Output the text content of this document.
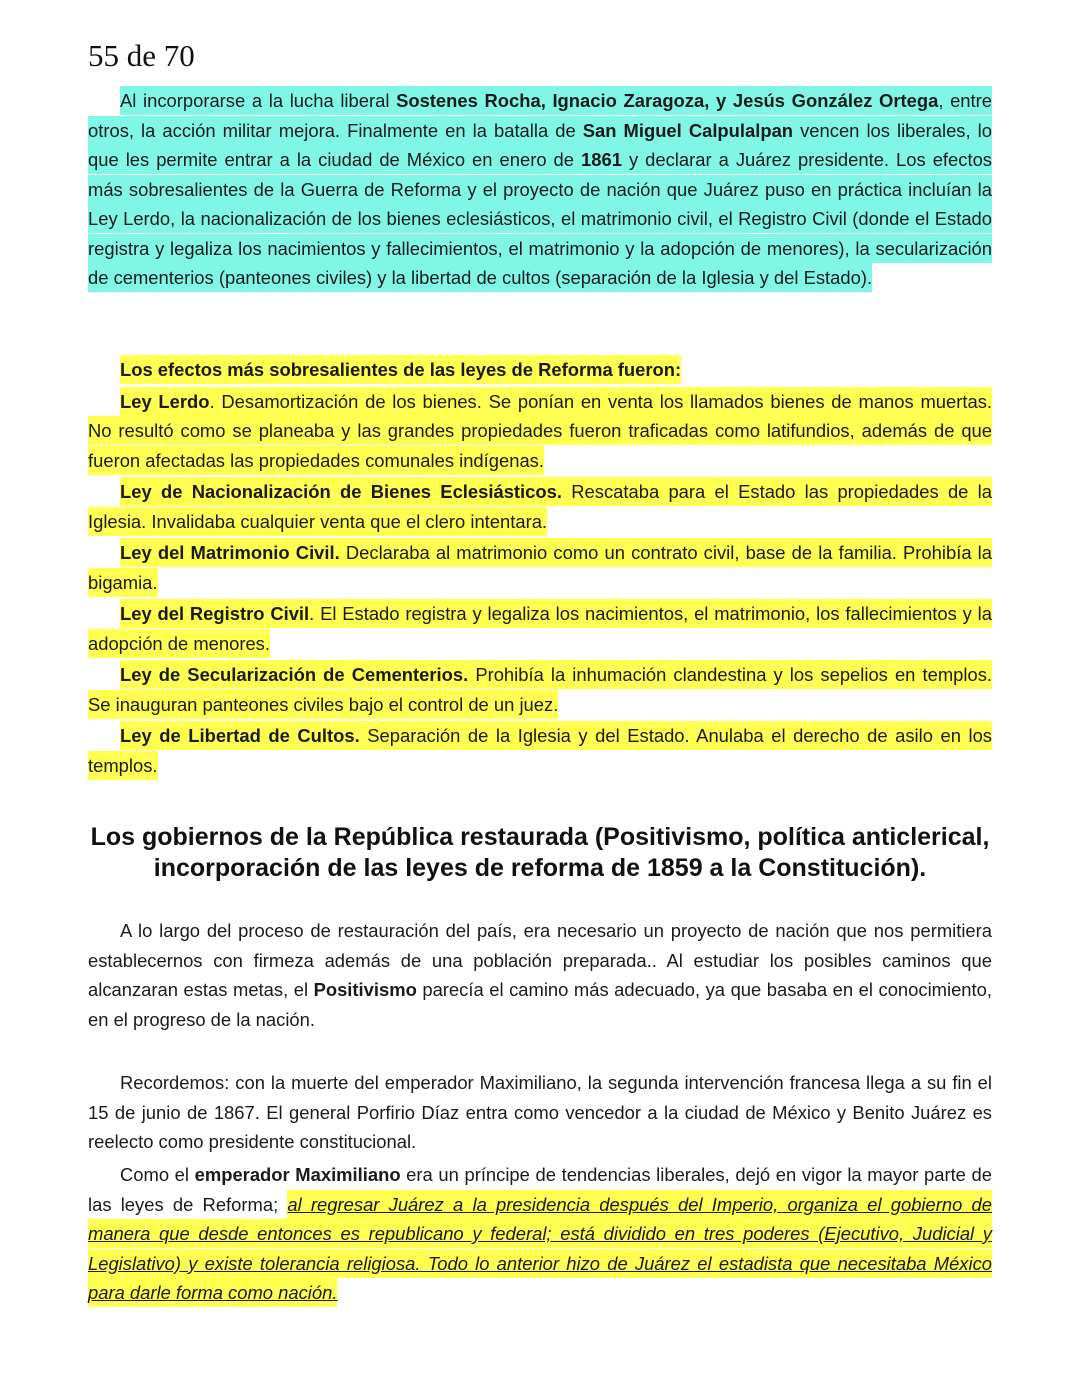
55 de 70

Al incorporarse a la lucha liberal Sostenes Rocha, Ignacio Zaragoza, y Jesús González Ortega, entre otros, la acción militar mejora. Finalmente en la batalla de San Miguel Calpulalpan vencen los liberales, lo que les permite entrar a la ciudad de México en enero de 1861 y declarar a Juárez presidente. Los efectos más sobresalientes de la Guerra de Reforma y el proyecto de nación que Juárez puso en práctica incluían la Ley Lerdo, la nacionalización de los bienes eclesiásticos, el matrimonio civil, el Registro Civil (donde el Estado registra y legaliza los nacimientos y fallecimientos, el matrimonio y la adopción de menores), la secularización de cementerios (panteones civiles) y la libertad de cultos (separación de la Iglesia y del Estado).

Los efectos más sobresalientes de las leyes de Reforma fueron:

Ley Lerdo. Desamortización de los bienes. Se ponían en venta los llamados bienes de manos muertas. No resultó como se planeaba y las grandes propiedades fueron traficadas como latifundios, además de que fueron afectadas las propiedades comunales indígenas.

Ley de Nacionalización de Bienes Eclesiásticos. Rescataba para el Estado las propiedades de la Iglesia. Invalidaba cualquier venta que el clero intentara.

Ley del Matrimonio Civil. Declaraba al matrimonio como un contrato civil, base de la familia. Prohibía la bigamia.

Ley del Registro Civil. El Estado registra y legaliza los nacimientos, el matrimonio, los fallecimientos y la adopción de menores.

Ley de Secularización de Cementerios. Prohibía la inhumación clandestina y los sepelios en templos. Se inauguran panteones civiles bajo el control de un juez.

Ley de Libertad de Cultos. Separación de la Iglesia y del Estado. Anulaba el derecho de asilo en los templos.

Los gobiernos de la República restaurada (Positivismo, política anticlerical, incorporación de las leyes de reforma de 1859 a la Constitución).

A lo largo del proceso de restauración del país, era necesario un proyecto de nación que nos permitiera establecernos con firmeza además de una población preparada.. Al estudiar los posibles caminos que alcanzaran estas metas, el Positivismo parecía el camino más adecuado, ya que basaba en el conocimiento, en el progreso de la nación.

Recordemos: con la muerte del emperador Maximiliano, la segunda intervención francesa llega a su fin el 15 de junio de 1867. El general Porfirio Díaz entra como vencedor a la ciudad de México y Benito Juárez es reelecto como presidente constitucional.

Como el emperador Maximiliano era un príncipe de tendencias liberales, dejó en vigor la mayor parte de las leyes de Reforma; al regresar Juárez a la presidencia después del Imperio, organiza el gobierno de manera que desde entonces es republicano y federal; está dividido en tres poderes (Ejecutivo, Judicial y Legislativo) y existe tolerancia religiosa. Todo lo anterior hizo de Juárez el estadista que necesitaba México para darle forma como nación.
